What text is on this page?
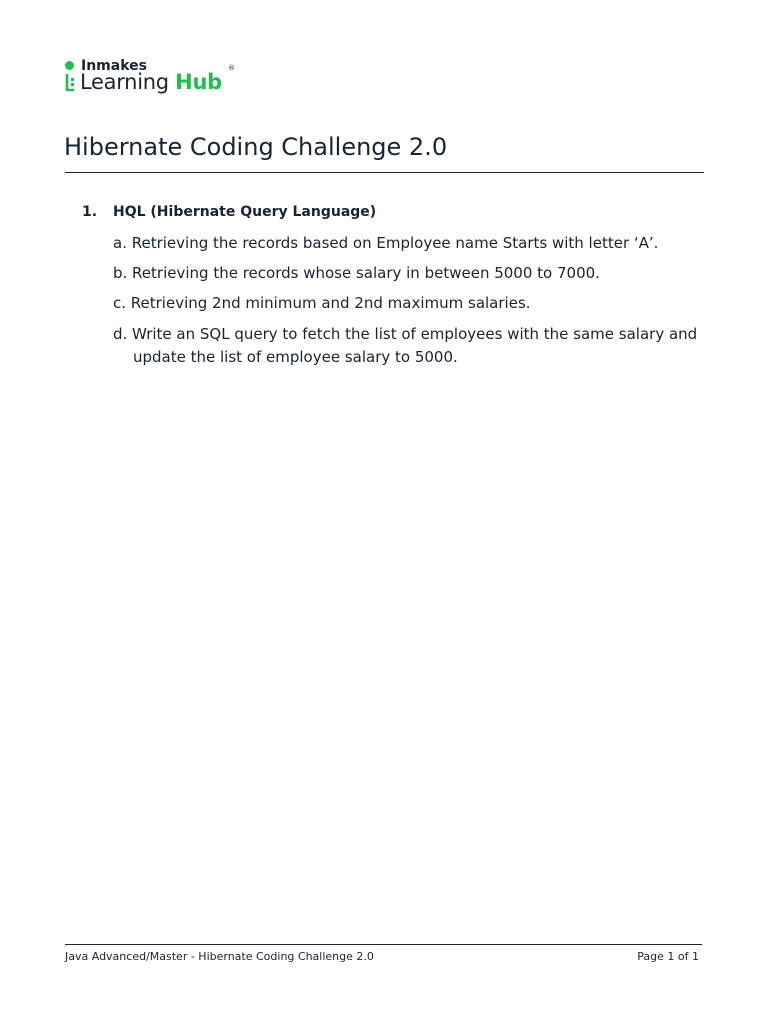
Inmakes
Learning Hub
®
Hibernate Coding Challenge 2.0
1. HQL (Hibernate Query Language)
a. Retrieving the records based on Employee name Starts with letter ‘A’.
b. Retrieving the records whose salary in between 5000 to 7000.
c. Retrieving 2nd minimum and 2nd maximum salaries.
d. Write an SQL query to fetch the list of employees with the same salary and
update the list of employee salary to 5000.
Java Advanced/Master - Hibernate Coding Challenge 2.0	Page 1 of 1
